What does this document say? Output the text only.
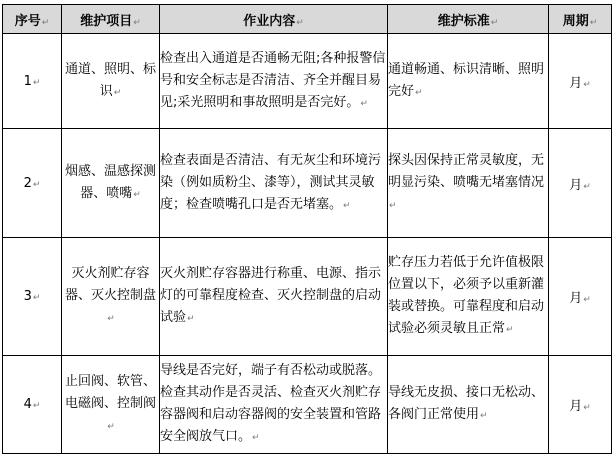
序号↵	维护项目↵	作业内容↵	维护标准↵	周期↵
1↵	通道、照明、标识↵	检查出入通道是否通畅无阻;各种报警信号和安全标志是否清洁、齐全并醒目易见;采光照明和事故照明是否完好。↵	通道畅通、标识清晰、照明完好↵	月↵
2↵	烟感、温感探测器、喷嘴↵	检查表面是否清洁、有无灰尘和环境污染（例如质粉尘、漆等），测试其灵敏度；检查喷嘴孔口是否无堵塞。↵	探头因保持正常灵敏度，无明显污染、喷嘴无堵塞情况↵	月↵
3↵	灭火剂贮存容器、灭火控制盘↵	灭火剂贮存容器进行称重、电源、指示灯的可靠程度检查、灭火控制盘的启动试验↵	贮存压力若低于允许值极限位置以下，必须予以重新灌装或替换。可靠程度和启动试验必须灵敏且正常↵	月↵
4↵	止回阀、软管、电磁阀、控制阀↵	导线是否完好，端子有否松动或脱落。检查其动作是否灵活、检查灭火剂贮存容器阀和启动容器阀的安全装置和管路安全阀放气口。↵	导线无皮损、接口无松动、各阀门正常使用↵	月↵
